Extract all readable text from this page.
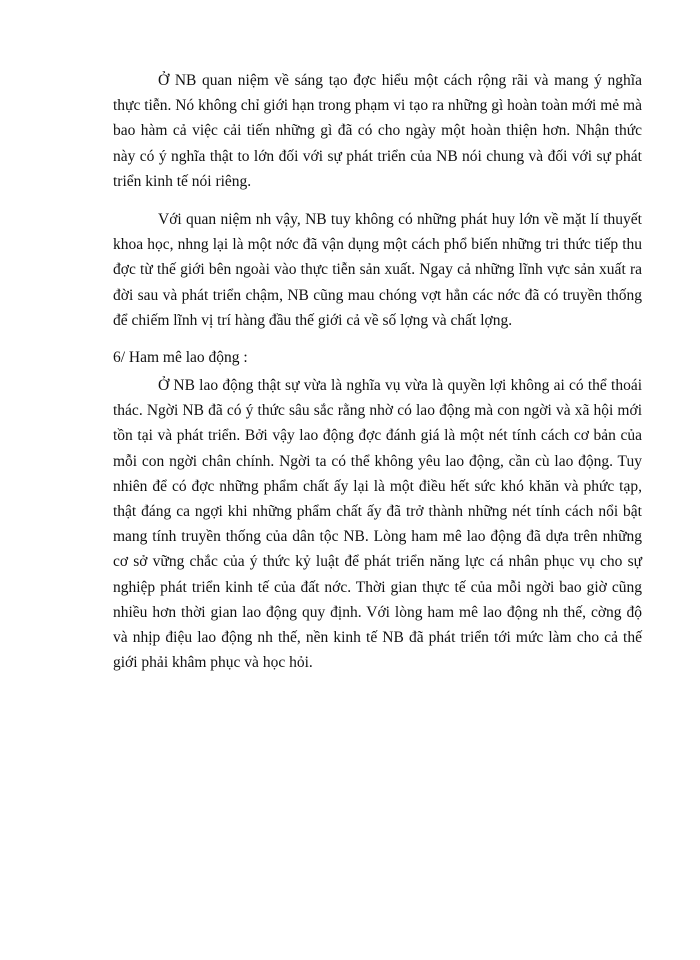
Ở NB quan niệm về sáng tạo đợc hiểu một cách rộng rãi và mang ý nghĩa thực tiễn. Nó không chỉ giới hạn trong phạm vi tạo ra những gì hoàn toàn mới mẻ mà bao hàm cả việc cải tiến những gì đã có cho ngày một hoàn thiện hơn. Nhận thức này có ý nghĩa thật to lớn đối với sự phát triển của NB nói chung và đối với sự phát triển kinh tế nói riêng.

Với quan niệm nh vậy, NB tuy không có những phát huy lớn về mặt lí thuyết khoa học, nhng lại là một nớc đã vận dụng một cách phổ biến những tri thức tiếp thu đợc từ thế giới bên ngoài vào thực tiễn sản xuất. Ngay cả những lĩnh vực sản xuất ra đời sau và phát triển chậm, NB cũng mau chóng vợt hẳn các nớc đã có truyền thống để chiếm lĩnh vị trí hàng đầu thế giới cả về số lợng và chất lợng.

6/ Ham mê lao động :

Ở NB lao động thật sự vừa là nghĩa vụ vừa là quyền lợi không ai có thể thoái thác. Ngời NB đã có ý thức sâu sắc rằng nhờ có lao động mà con ngời và xã hội mới tồn tại và phát triển. Bởi vậy lao động đợc đánh giá là một nét tính cách cơ bản của mỗi con ngời chân chính. Ngời ta có thể không yêu lao động, cần cù lao động. Tuy nhiên để có đợc những phẩm chất ấy lại là một điều hết sức khó khăn và phức tạp, thật đáng ca ngợi khi những phẩm chất ấy đã trở thành những nét tính cách nổi bật mang tính truyền thống của dân tộc NB. Lòng ham mê lao động đã dựa trên những cơ sở vững chắc của ý thức kỷ luật để phát triển năng lực cá nhân phục vụ cho sự nghiệp phát triển kinh tế của đất nớc. Thời gian thực tế của mỗi ngời bao giờ cũng nhiều hơn thời gian lao động quy định. Với lòng ham mê lao động nh thế, cờng độ và nhịp điệu lao động nh thế, nền kinh tế NB đã phát triển tới mức làm cho cả thế giới phải khâm phục và học hỏi.
